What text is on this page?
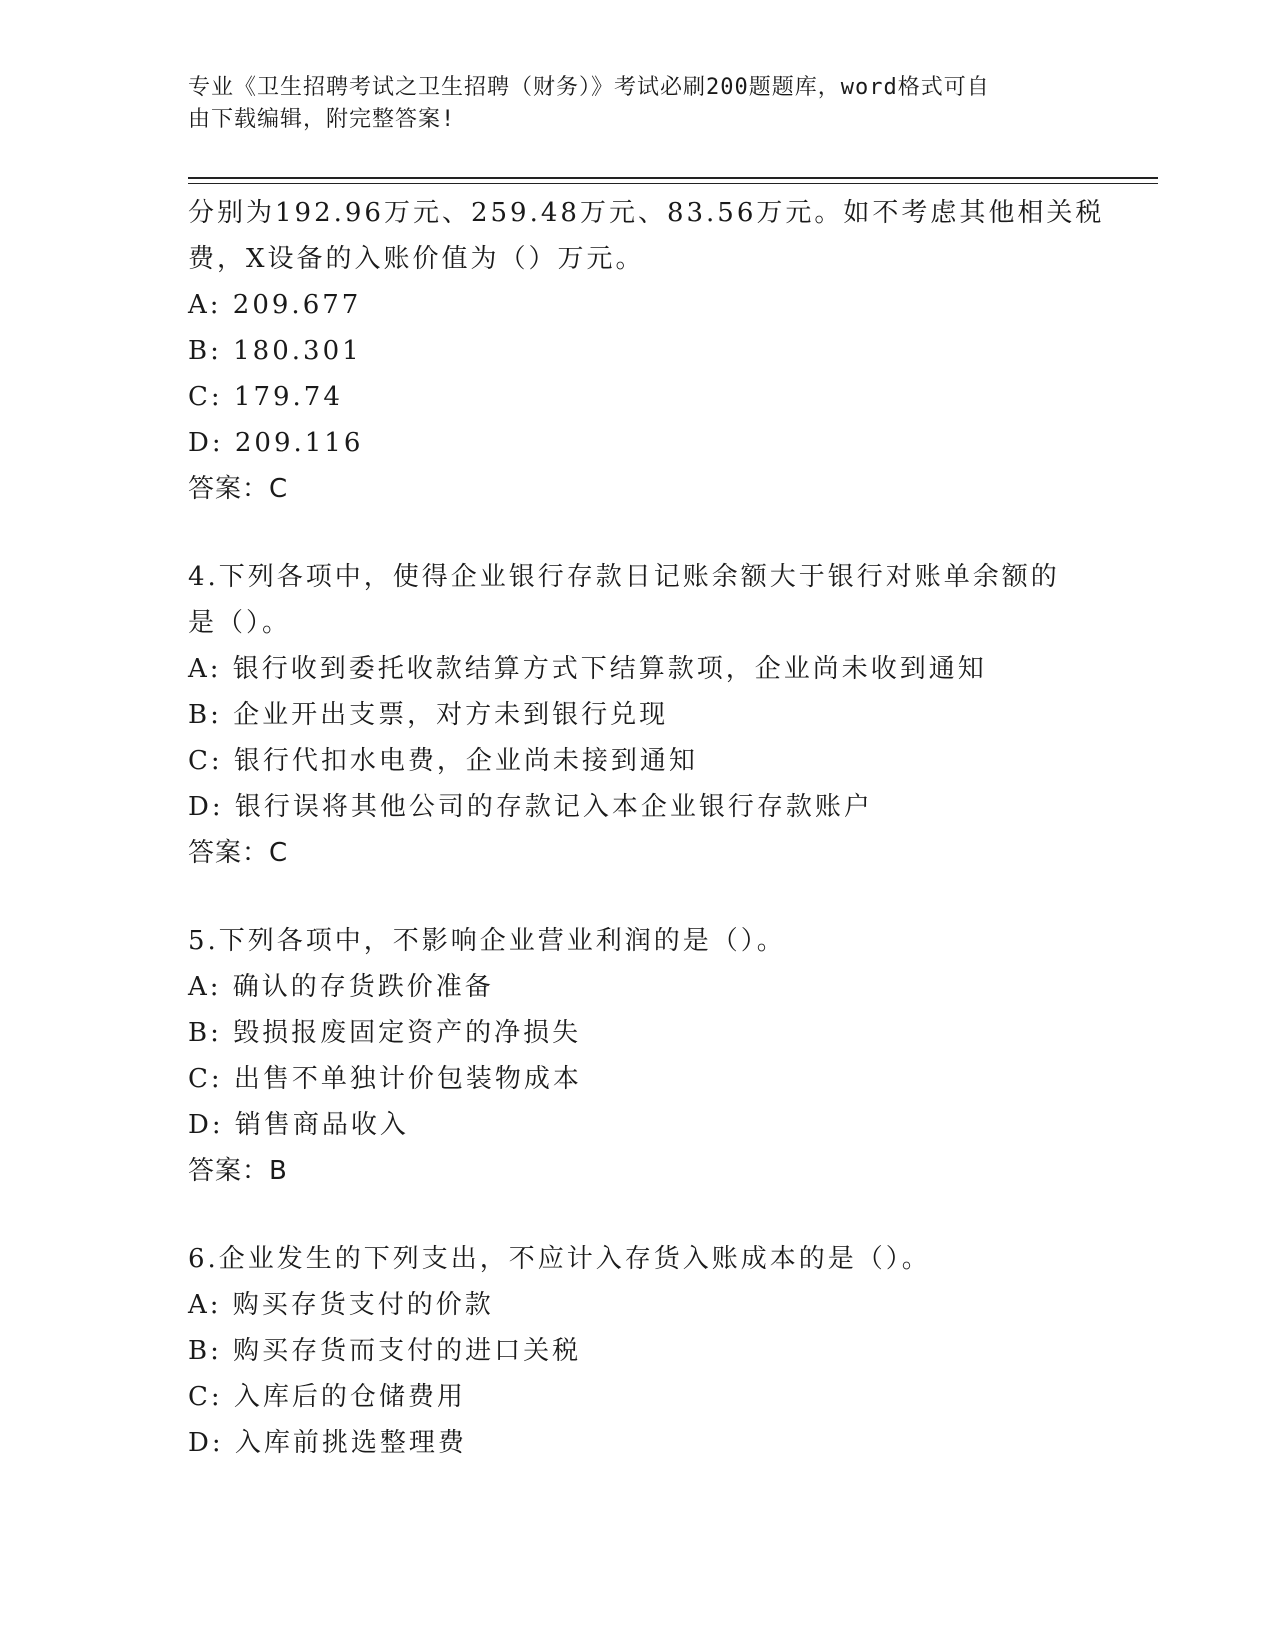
专业《卫生招聘考试之卫生招聘（财务）》考试必刷200题题库，word格式可自
由下载编辑，附完整答案!
分别为192.96万元、259.48万元、83.56万元。如不考虑其他相关税
费，X设备的入账价值为（）万元。
A: 209.677
B: 180.301
C: 179.74
D: 209.116
答案：C
4.下列各项中，使得企业银行存款日记账余额大于银行对账单余额的
是（）。
A: 银行收到委托收款结算方式下结算款项，企业尚未收到通知
B: 企业开出支票，对方未到银行兑现
C: 银行代扣水电费，企业尚未接到通知
D: 银行误将其他公司的存款记入本企业银行存款账户
答案：C
5.下列各项中，不影响企业营业利润的是（）。
A: 确认的存货跌价准备
B: 毁损报废固定资产的净损失
C: 出售不单独计价包装物成本
D: 销售商品收入
答案：B
6.企业发生的下列支出，不应计入存货入账成本的是（）。
A: 购买存货支付的价款
B: 购买存货而支付的进口关税
C: 入库后的仓储费用
D: 入库前挑选整理费
